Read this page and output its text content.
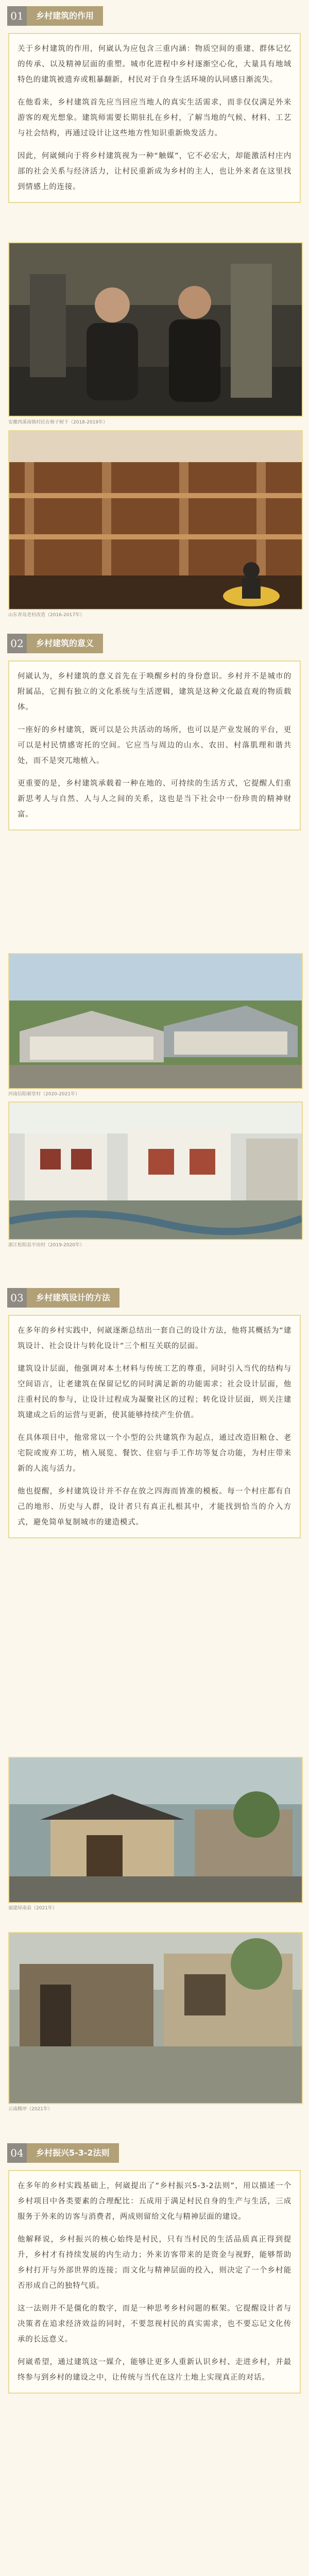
01	乡村建筑的作用

关于乡村建筑的作用，何崴认为应包含三重内涵：物质空间的重建、群体记忆的传承、以及精神层面的重塑。城市化进程中乡村逐渐空心化，大量具有地域特色的建筑被遗弃或粗暴翻新，村民对于自身生活环境的认同感日渐流失。

在他看来，乡村建筑首先应当回应当地人的真实生活需求，而非仅仅满足外来游客的观光想象。建筑师需要长期驻扎在乡村，了解当地的气候、材料、工艺与社会结构，再通过设计让这些地方性知识重新焕发活力。

因此，何崴倾向于将乡村建筑视为一种“触媒”，它不必宏大，却能激活村庄内部的社会关系与经济活力，让村民重新成为乡村的主人，也让外来者在这里找到情感上的连接。

安徽西溪南镇村民在柿子树下（2018-2019年）
山东青岛老村改造（2016-2017年）
02	乡村建筑的意义

何崴认为，乡村建筑的意义首先在于唤醒乡村的身份意识。乡村并不是城市的附属品，它拥有独立的文化系统与生活逻辑，建筑是这种文化最直观的物质载体。

一座好的乡村建筑，既可以是公共活动的场所，也可以是产业发展的平台，更可以是村民情感寄托的空间。它应当与周边的山水、农田、村落肌理和谐共处，而不是突兀地植入。

更重要的是，乡村建筑承载着一种在地的、可持续的生活方式，它提醒人们重新思考人与自然、人与人之间的关系，这也是当下社会中一份珍贵的精神财富。

河南信阳郝堂村（2020-2021年）
浙江松阳县平田村（2019-2020年）
03	乡村建筑设计的方法

在多年的乡村实践中，何崴逐渐总结出一套自己的设计方法，他将其概括为“建筑设计、社会设计与转化设计”三个相互关联的层面。

建筑设计层面，他强调对本土材料与传统工艺的尊重，同时引入当代的结构与空间语言，让老建筑在保留记忆的同时满足新的功能需求；社会设计层面，他注重村民的参与，让设计过程成为凝聚社区的过程；转化设计层面，则关注建筑建成之后的运营与更新，使其能够持续产生价值。

在具体项目中，他常常以一个小型的公共建筑作为起点，通过改造旧粮仓、老宅院或废弃工坊，植入展览、餐饮、住宿与手工作坊等复合功能，为村庄带来新的人流与活力。

他也提醒，乡村建筑设计并不存在放之四海而皆准的模板。每一个村庄都有自己的地形、历史与人群，设计者只有真正扎根其中，才能找到恰当的介入方式，避免简单复制城市的建造模式。

福建屏南县（2021年）
云南腾冲（2021年）
04	乡村振兴5-3-2法则

在多年的乡村实践基础上，何崴提出了“乡村振兴5-3-2法则”，用以描述一个乡村项目中各类要素的合理配比：五成用于满足村民自身的生产与生活，三成服务于外来的访客与消费者，两成则留给文化与精神层面的建设。

他解释说，乡村振兴的核心始终是村民，只有当村民的生活品质真正得到提升，乡村才有持续发展的内生动力；外来访客带来的是资金与视野，能够帮助乡村打开与外部世界的连接；而文化与精神层面的投入，则决定了一个乡村能否形成自己的独特气质。

这一法则并不是僵化的数字，而是一种思考乡村问题的框架。它提醒设计者与决策者在追求经济效益的同时，不要忽视村民的真实需求，也不要忘记文化传承的长远意义。

何崴希望，通过建筑这一媒介，能够让更多人重新认识乡村、走进乡村，并最终参与到乡村的建设之中，让传统与当代在这片土地上实现真正的对话。
